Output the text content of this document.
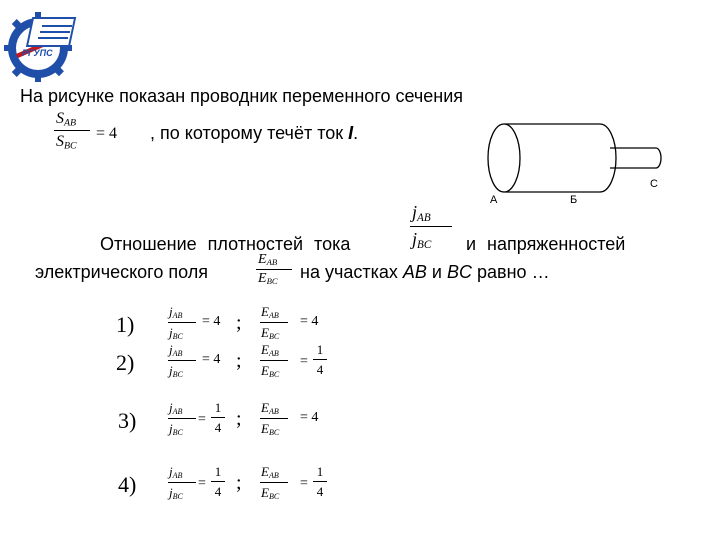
РГУПС
На рисунке показан проводник переменного сечения
$S_{AB}$
$S_{BC}$
= 4 , по которому течёт ток I.
А	Б
С
$j_{AB}$
$j_{BC}$
Отношение плотностей тока	и напряженностей
электрического поля
$E_{AB}$
$E_{BC}$	на участках AB и BC равно …
1)
$j_{AB}$
$j_{BC}$
= 4 ;
$E_{AB}$
$E_{BC}$
= 4
2)
$j_{AB}$
$j_{BC}$
= 4 ;
$E_{AB}$
$E_{BC}$
=
1
4
3)
$j_{AB}$
$j_{BC}$
=
1
4 ;
$E_{AB}$
$E_{BC}$
= 4
4)
$j_{AB}$
$j_{BC}$
=
1
4 ;
$E_{AB}$
$E_{BC}$
=
1
4
